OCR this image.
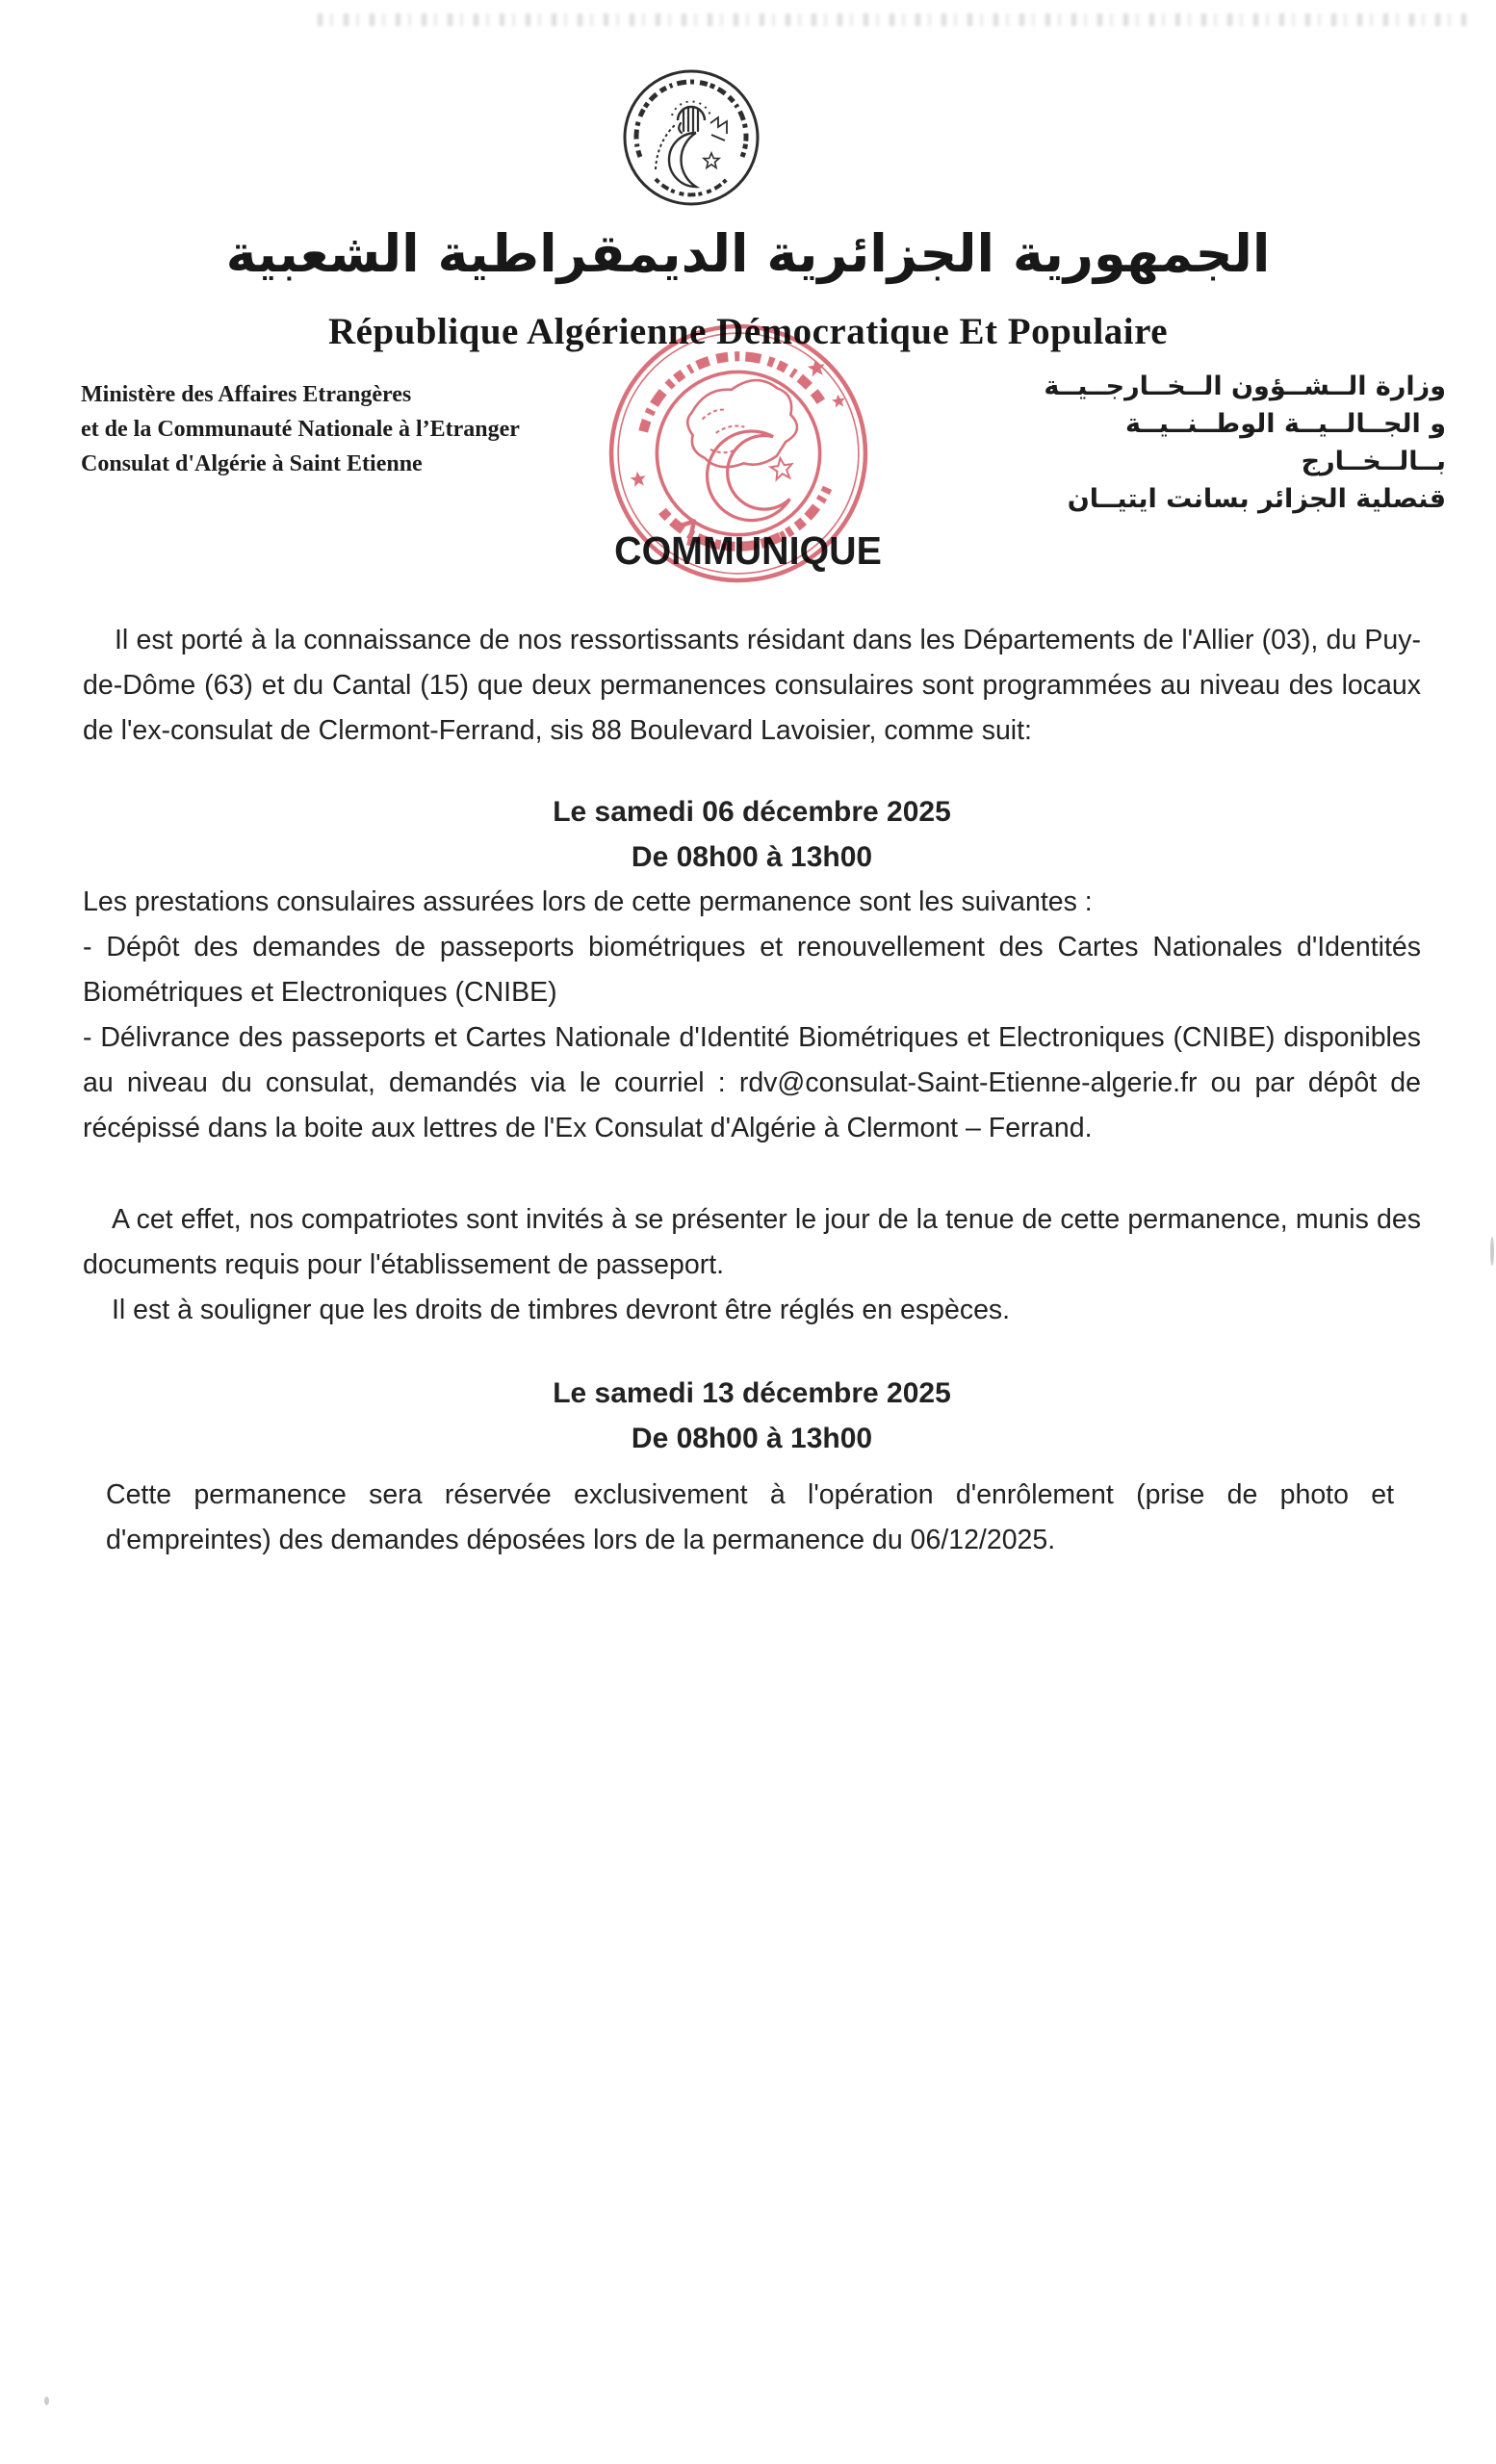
الجمهورية الجزائرية الديمقراطية الشعبية
République Algérienne Démocratique Et Populaire
Ministère des Affaires Etrangères
et de la Communauté Nationale à l’Etranger
Consulat d'Algérie à Saint Etienne
وزارة الــشــؤون الــخــارجــيــة
و الجــالــيــة الوطــنــيــة بــالــخــارج
قنصلية الجزائر بسانت ايتيــان
COMMUNIQUE

Il est porté à la connaissance de nos ressortissants résidant dans les Départements de l'Allier (03), du Puy-de-Dôme (63) et du Cantal (15) que deux permanences consulaires sont programmées au niveau des locaux de l'ex-consulat de Clermont-Ferrand, sis 88 Boulevard Lavoisier, comme suit:

Le samedi 06 décembre 2025

De 08h00 à 13h00

Les prestations consulaires assurées lors de cette permanence sont les suivantes :

- Dépôt des demandes de passeports biométriques et renouvellement des Cartes Nationales d'Identités Biométriques et Electroniques (CNIBE)

- Délivrance des passeports et Cartes Nationale d'Identité Biométriques et Electroniques (CNIBE) disponibles au niveau du consulat, demandés via le courriel : rdv@consulat-Saint-Etienne-algerie.fr ou par dépôt de récépissé dans la boite aux lettres de l'Ex Consulat d'Algérie à Clermont – Ferrand.

A cet effet, nos compatriotes sont invités à se présenter le jour de la tenue de cette permanence, munis des documents requis pour l'établissement de passeport.

Il est à souligner que les droits de timbres devront être réglés en espèces.

Le samedi 13 décembre 2025

De 08h00 à 13h00

Cette permanence sera réservée exclusivement à l'opération d'enrôlement (prise de photo et d'empreintes) des demandes déposées lors de la permanence du 06/12/2025.
